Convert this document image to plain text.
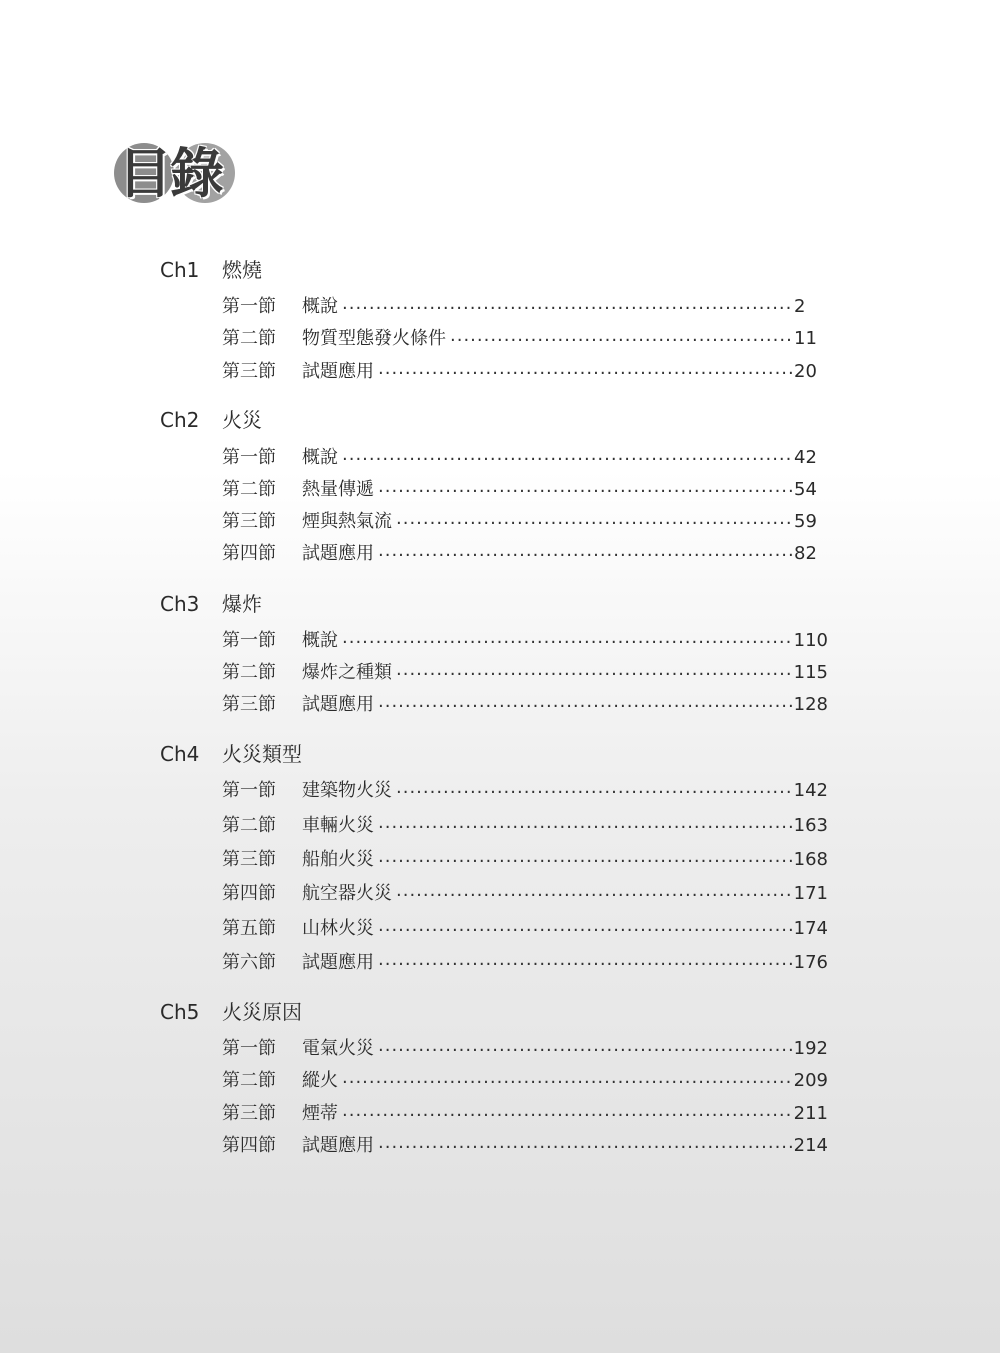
目錄
Ch1 燃燒
第一節	概說 .....	2
第二節	物質型態發火條件 .....	11
第三節	試題應用 .....	20
Ch2 火災
第一節	概說 .....	42
第二節	熱量傳遞 .....	54
第三節	煙與熱氣流 .....	59
第四節	試題應用 .....	82
Ch3 爆炸
第一節	概說 .....	110
第二節	爆炸之種類 .....	115
第三節	試題應用 .....	128
Ch4 火災類型
第一節	建築物火災 .....	142
第二節	車輛火災 .....	163
第三節	船舶火災 .....	168
第四節	航空器火災 .....	171
第五節	山林火災 .....	174
第六節	試題應用 .....	176
Ch5 火災原因
第一節	電氣火災 .....	192
第二節	縱火 .....	209
第三節	煙蒂 .....	211
第四節	試題應用 .....	214
